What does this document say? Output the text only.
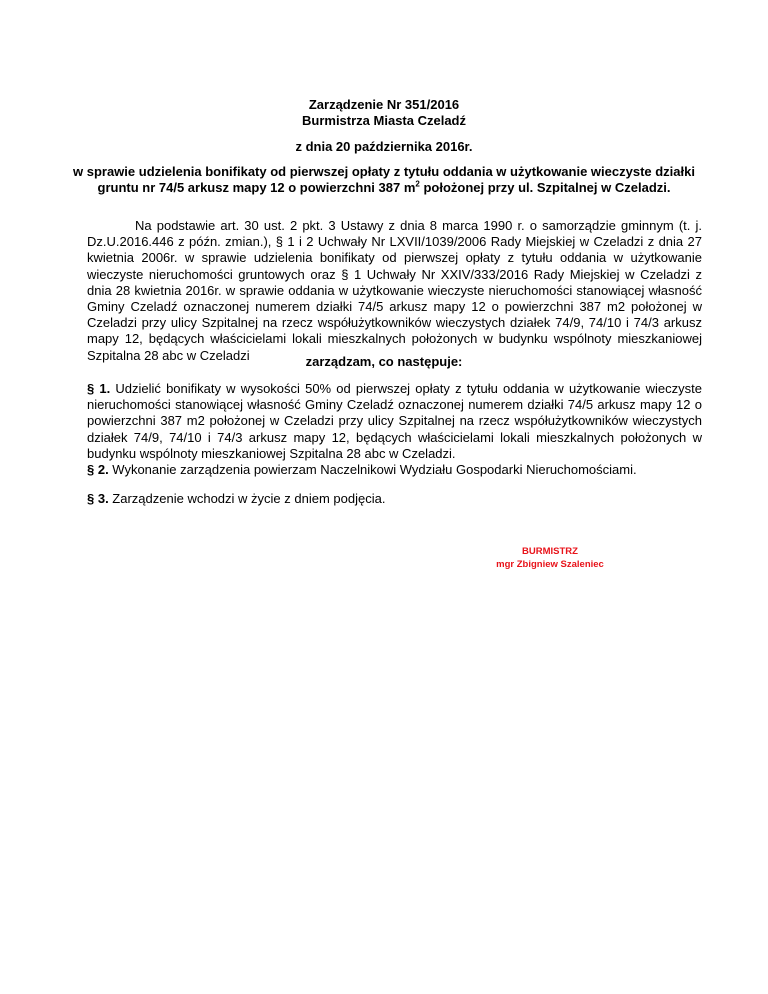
Zarządzenie Nr 351/2016
Burmistrza Miasta Czeladź
z dnia 20 października 2016r.
w sprawie udzielenia bonifikaty od pierwszej opłaty z tytułu oddania w użytkowanie wieczyste działki gruntu nr 74/5 arkusz mapy 12 o powierzchni 387 $m^2$ położonej przy ul. Szpitalnej w Czeladzi.
Na podstawie art. 30 ust. 2 pkt. 3 Ustawy z dnia 8 marca 1990 r. o samorządzie gminnym (t. j. Dz.U.2016.446 z późn. zmian.), § 1 i 2 Uchwały Nr LXVII/1039/2006 Rady Miejskiej w Czeladzi z dnia 27 kwietnia 2006r. w sprawie udzielenia bonifikaty od pierwszej opłaty z tytułu oddania w użytkowanie wieczyste nieruchomości gruntowych oraz § 1 Uchwały Nr XXIV/333/2016 Rady Miejskiej w Czeladzi z dnia 28 kwietnia 2016r. w sprawie oddania w użytkowanie wieczyste nieruchomości stanowiącej własność Gminy Czeladź oznaczonej numerem działki 74/5 arkusz mapy 12 o powierzchni 387 m2 położonej w Czeladzi przy ulicy Szpitalnej na rzecz współużytkowników wieczystych działek 74/9, 74/10 i 74/3 arkusz mapy 12, będących właścicielami lokali mieszkalnych położonych w budynku wspólnoty mieszkaniowej Szpitalna 28 abc w Czeladzi	zarządzam, co następuje:
§ 1. Udzielić bonifikaty w wysokości 50% od pierwszej opłaty z tytułu oddania w użytkowanie wieczyste nieruchomości stanowiącej własność Gminy Czeladź oznaczonej numerem działki 74/5 arkusz mapy 12 o powierzchni 387 m2 położonej w Czeladzi przy ulicy Szpitalnej na rzecz współużytkowników wieczystych działek 74/9, 74/10 i 74/3 arkusz mapy 12, będących właścicielami lokali mieszkalnych położonych w budynku wspólnoty mieszkaniowej Szpitalna 28 abc w Czeladzi.
§ 2. Wykonanie zarządzenia powierzam Naczelnikowi Wydziału Gospodarki Nieruchomościami.
§ 3. Zarządzenie wchodzi w życie z dniem podjęcia.
BURMISTRZ
mgr Zbigniew Szaleniec
